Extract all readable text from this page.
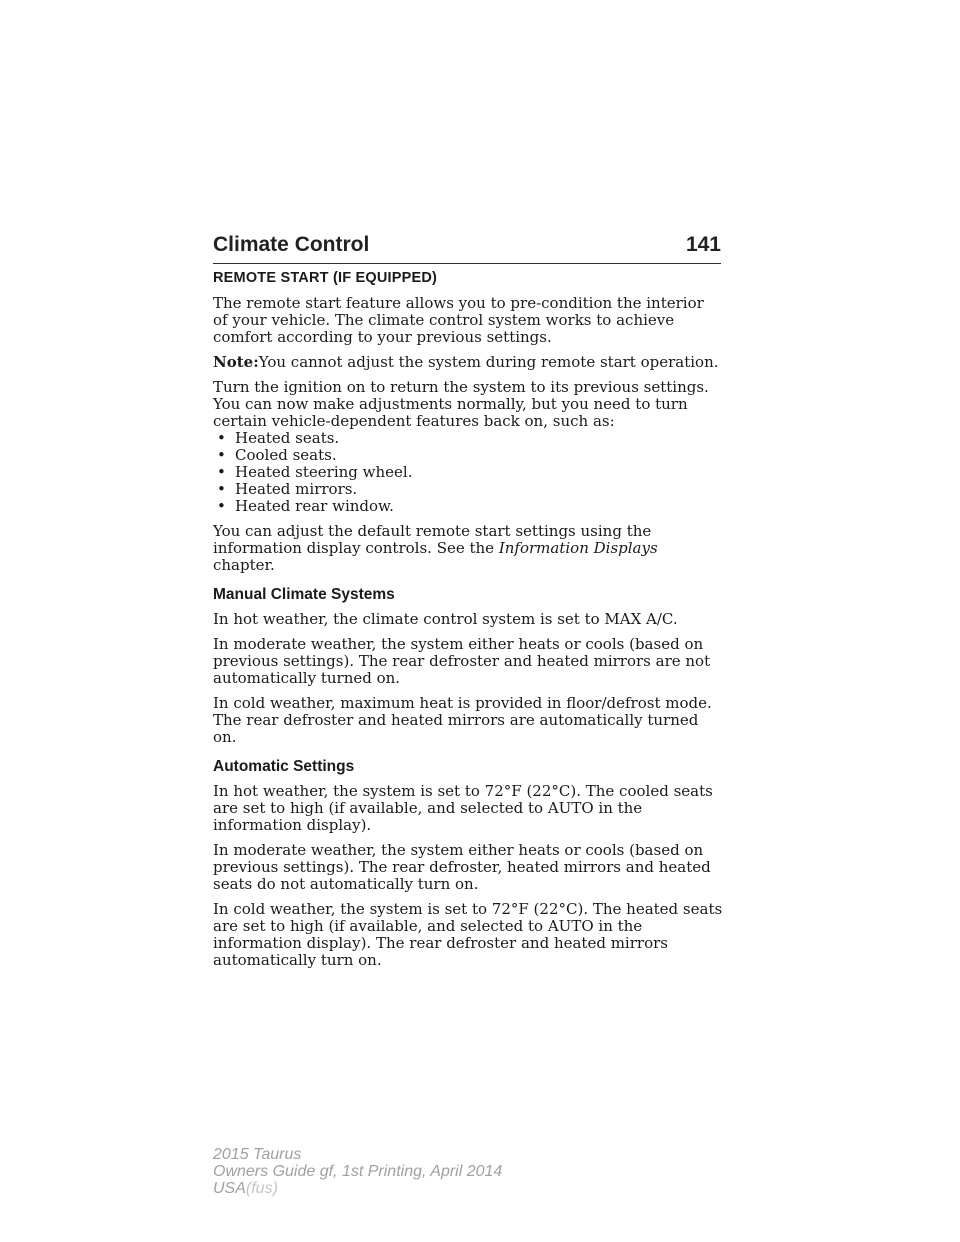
Climate Control	141
REMOTE START (IF EQUIPPED)

The remote start feature allows you to pre-condition the interior of your vehicle. The climate control system works to achieve comfort according to your previous settings.

Note:You cannot adjust the system during remote start operation.

Turn the ignition on to return the system to its previous settings. You can now make adjustments normally, but you need to turn certain vehicle-dependent features back on, such as:

• Heated seats.
• Cooled seats.
• Heated steering wheel.
• Heated mirrors.
• Heated rear window.

You can adjust the default remote start settings using the information display controls. See the Information Displays chapter.

Manual Climate Systems

In hot weather, the climate control system is set to MAX A/C.

In moderate weather, the system either heats or cools (based on previous settings). The rear defroster and heated mirrors are not automatically turned on.

In cold weather, maximum heat is provided in floor/defrost mode. The rear defroster and heated mirrors are automatically turned on.

Automatic Settings

In hot weather, the system is set to 72°F (22°C). The cooled seats are set to high (if available, and selected to AUTO in the information display).

In moderate weather, the system either heats or cools (based on previous settings). The rear defroster, heated mirrors and heated seats do not automatically turn on.

In cold weather, the system is set to 72°F (22°C). The heated seats are set to high (if available, and selected to AUTO in the information display). The rear defroster and heated mirrors automatically turn on.

2015 Taurus
Owners Guide gf, 1st Printing, April 2014
USA(fus)
